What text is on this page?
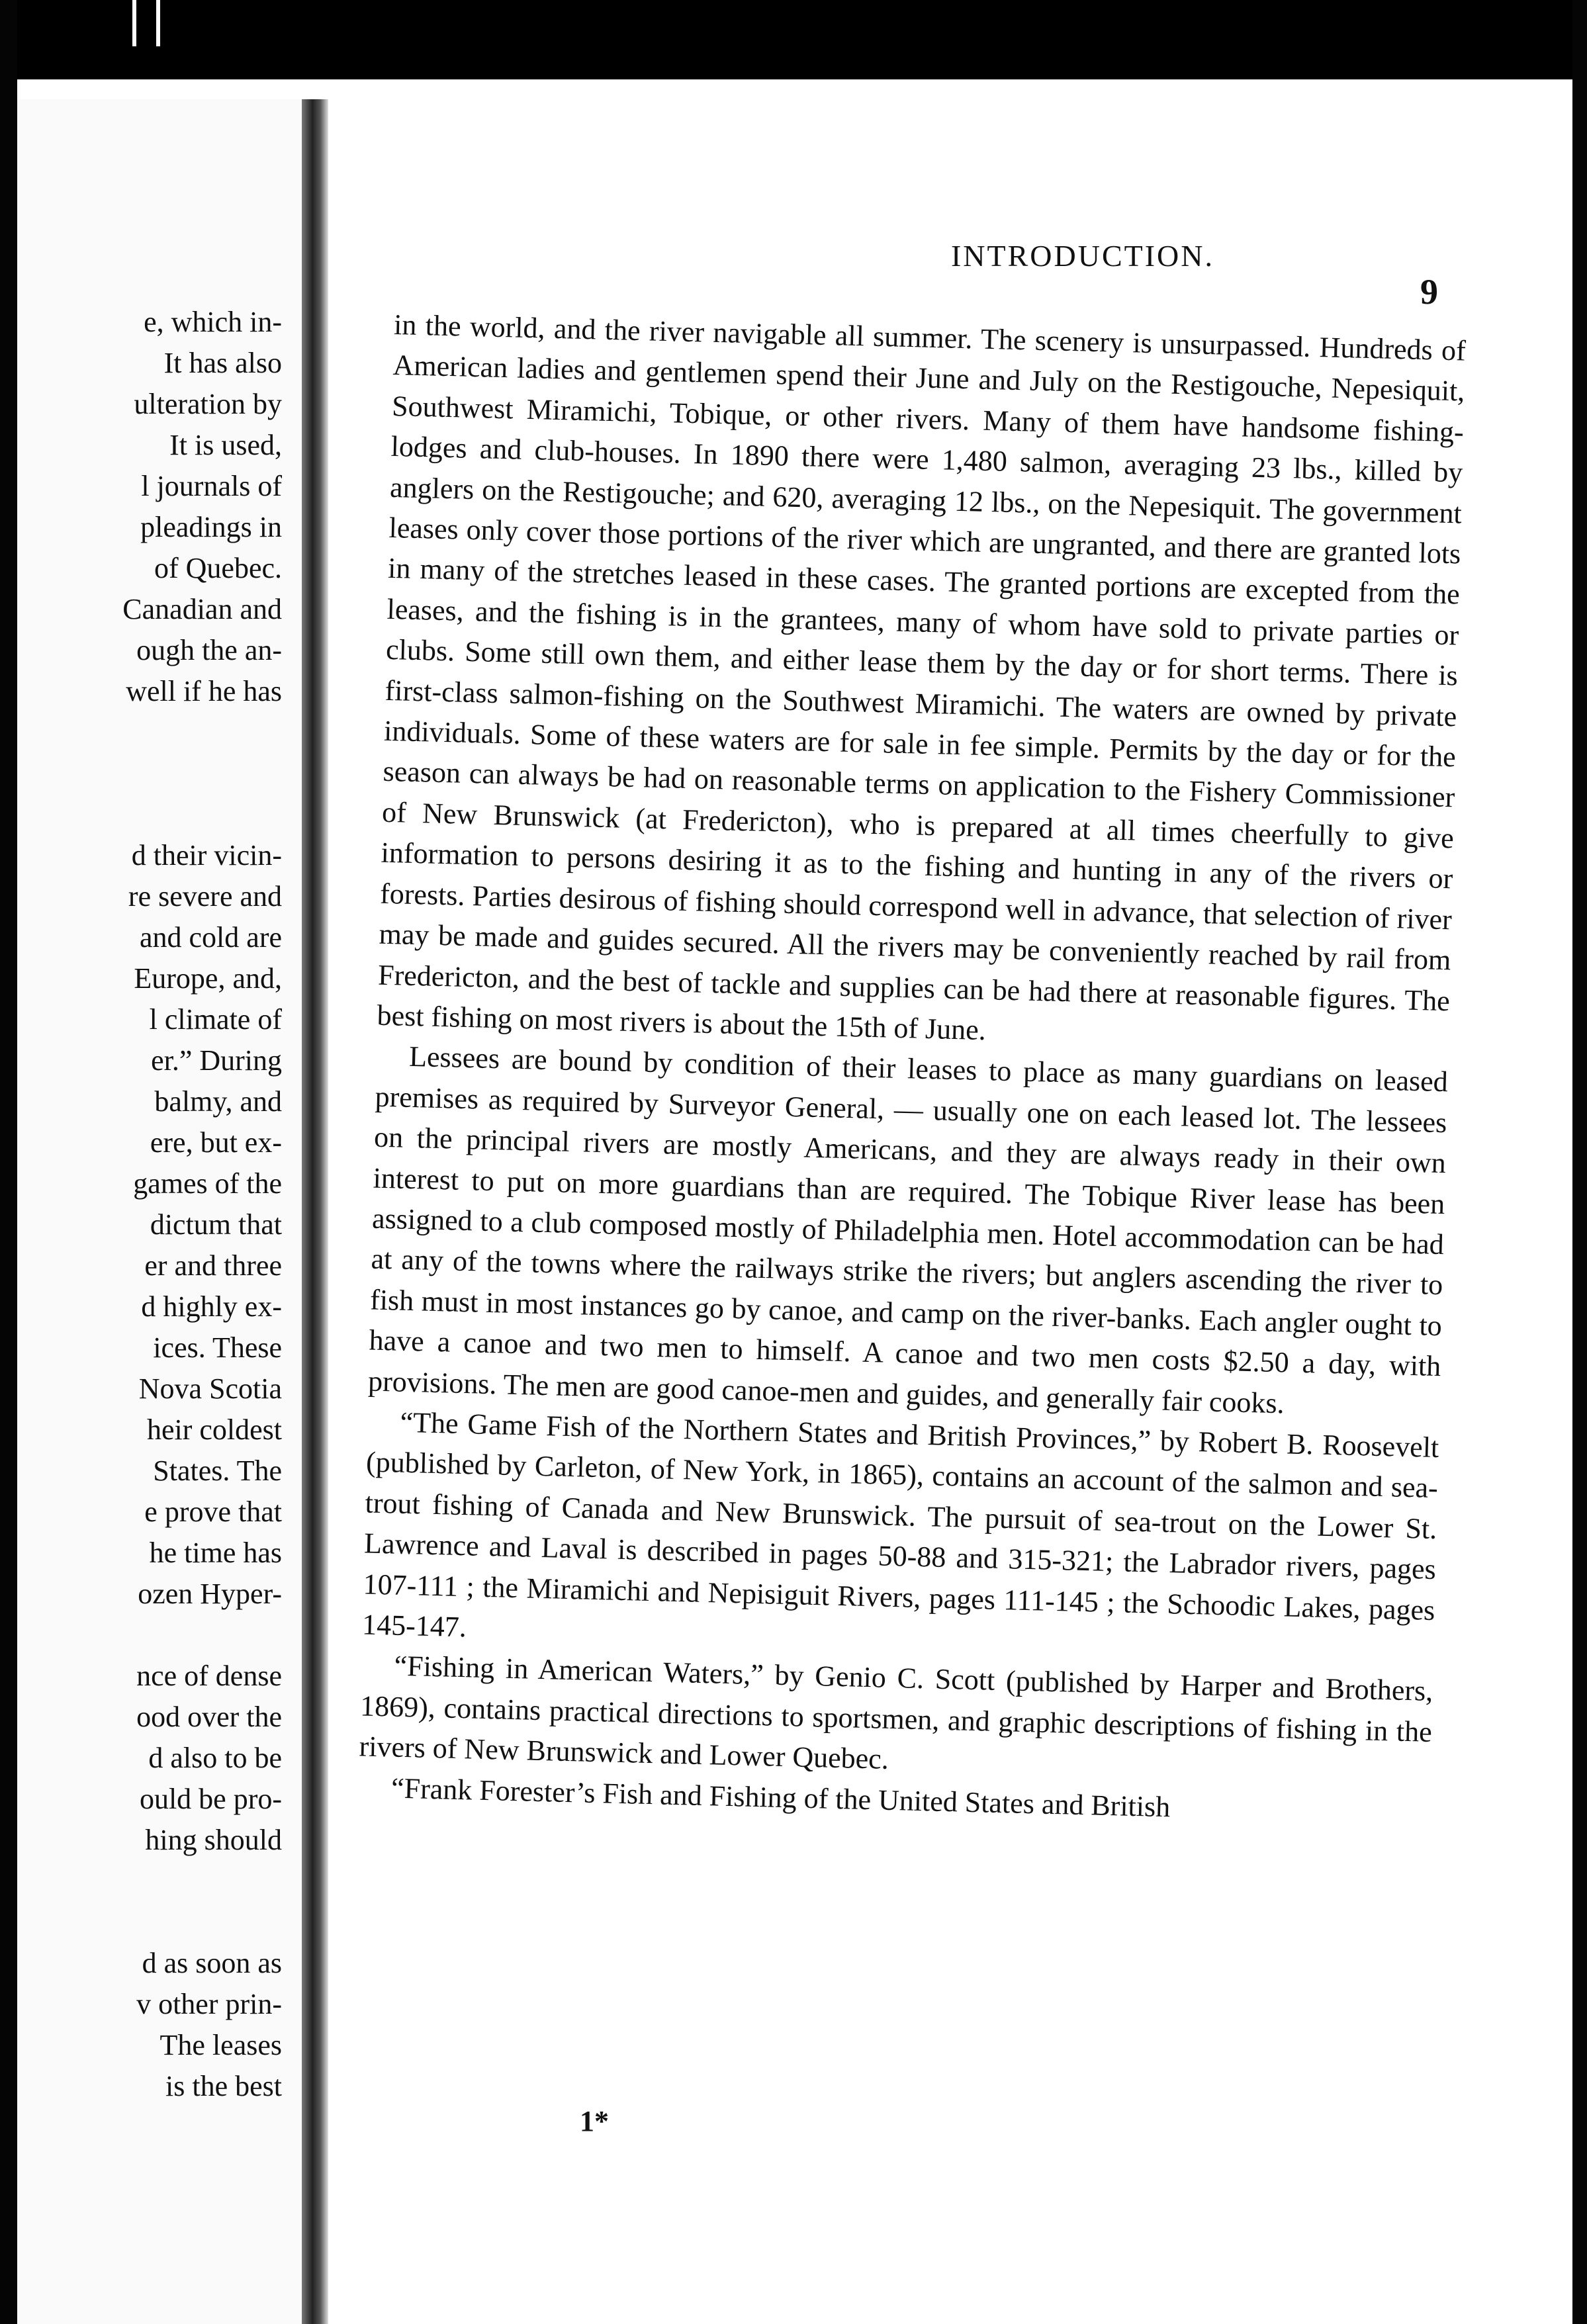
e, which in-
It has also
ulteration by
It is used,
l journals of
pleadings in
of Quebec.
Canadian and
ough the an-
well if he has
d their vicin-
re severe and
and cold are
Europe, and,
l climate of
er.” During
balmy, and
ere, but ex-
games of the
dictum that
er and three
d highly ex-
ices. These
Nova Scotia
heir coldest
States. The
e prove that
he time has
ozen Hyper-
nce of dense
ood over the
d also to be
ould be pro-
hing should
d as soon as
v other prin-
The leases
is the best
INTRODUCTION.
9

in the world, and the river navigable all summer. The scenery is unsurpassed. Hundreds of American ladies and gentlemen spend their June and July on the Restigouche, Nepesiquit, Southwest Miramichi, Tobique, or other rivers. Many of them have handsome fishing-lodges and club-houses. In 1890 there were 1,480 salmon, averaging 23 lbs., killed by anglers on the Restigouche; and 620, averaging 12 lbs., on the Nepesiquit. The government leases only cover those portions of the river which are ungranted, and there are granted lots in many of the stretches leased in these cases. The granted portions are excepted from the leases, and the fishing is in the grantees, many of whom have sold to private parties or clubs. Some still own them, and either lease them by the day or for short terms. There is first-class salmon-fishing on the Southwest Miramichi. The waters are owned by private individuals. Some of these waters are for sale in fee simple. Permits by the day or for the season can always be had on reasonable terms on application to the Fishery Commissioner of New Brunswick (at Fredericton), who is prepared at all times cheerfully to give information to persons desiring it as to the fishing and hunting in any of the rivers or forests. Parties desirous of fishing should correspond well in advance, that selection of river may be made and guides secured. All the rivers may be conveniently reached by rail from Fredericton, and the best of tackle and supplies can be had there at reasonable figures. The best fishing on most rivers is about the 15th of June.

Lessees are bound by condition of their leases to place as many guardians on leased premises as required by Surveyor General, — usually one on each leased lot. The lessees on the principal rivers are mostly Americans, and they are always ready in their own interest to put on more guardians than are required. The Tobique River lease has been assigned to a club composed mostly of Philadelphia men. Hotel accommodation can be had at any of the towns where the railways strike the rivers; but anglers ascending the river to fish must in most instances go by canoe, and camp on the river-banks. Each angler ought to have a canoe and two men to himself. A canoe and two men costs $2.50 a day, with provisions. The men are good canoe-men and guides, and generally fair cooks.

“The Game Fish of the Northern States and British Provinces,” by Robert B. Roosevelt (published by Carleton, of New York, in 1865), contains an account of the salmon and sea-trout fishing of Canada and New Brunswick. The pursuit of sea-trout on the Lower St. Lawrence and Laval is described in pages 50-88 and 315-321; the Labrador rivers, pages 107-111 ; the Miramichi and Nepisiguit Rivers, pages 111-145 ; the Schoodic Lakes, pages 145-147.

“Fishing in American Waters,” by Genio C. Scott (published by Harper and Brothers, 1869), contains practical directions to sportsmen, and graphic descriptions of fishing in the rivers of New Brunswick and Lower Quebec.

“Frank Forester’s Fish and Fishing of the United States and British

1*
